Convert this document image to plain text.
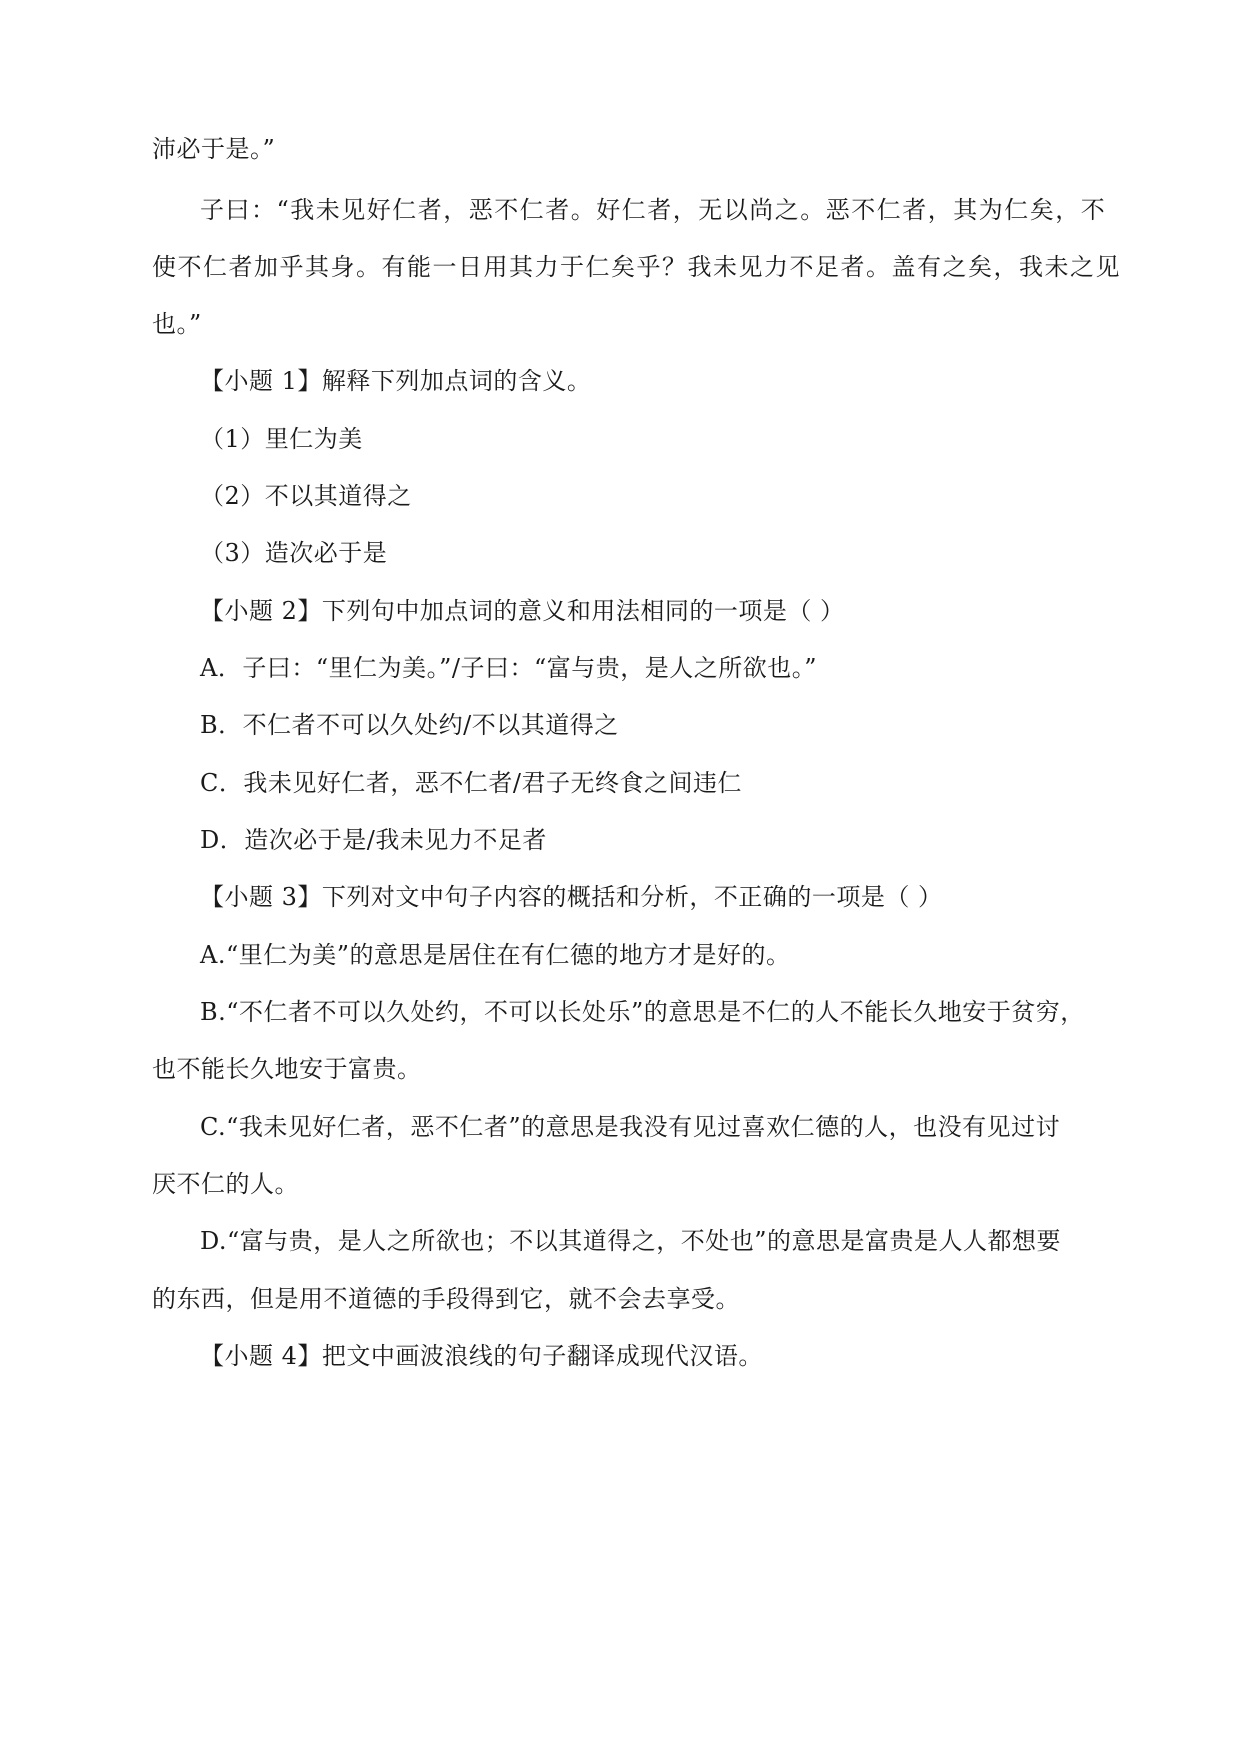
沛必于是。”
子曰：“我未见好仁者，恶不仁者。好仁者，无以尚之。恶不仁者，其为仁矣，不
使不仁者加乎其身。有能一日用其力于仁矣乎？我未见力不足者。盖有之矣，我未之见
也。”
【小题 1】解释下列加点词的含义。
（1）里仁为美
（2）不以其道得之
（3）造次必于是
【小题 2】下列句中加点词的意义和用法相同的一项是（ ）
A．子曰：“里仁为美。”/子曰：“富与贵，是人之所欲也。”
B．不仁者不可以久处约/不以其道得之
C．我未见好仁者，恶不仁者/君子无终食之间违仁
D．造次必于是/我未见力不足者
【小题 3】下列对文中句子内容的概括和分析，不正确的一项是（ ）
A.“里仁为美”的意思是居住在有仁德的地方才是好的。
B.“不仁者不可以久处约，不可以长处乐”的意思是不仁的人不能长久地安于贫穷，
也不能长久地安于富贵。
C.“我未见好仁者，恶不仁者”的意思是我没有见过喜欢仁德的人，也没有见过讨
厌不仁的人。
D.“富与贵，是人之所欲也；不以其道得之，不处也”的意思是富贵是人人都想要
的东西，但是用不道德的手段得到它，就不会去享受。
【小题 4】把文中画波浪线的句子翻译成现代汉语。
